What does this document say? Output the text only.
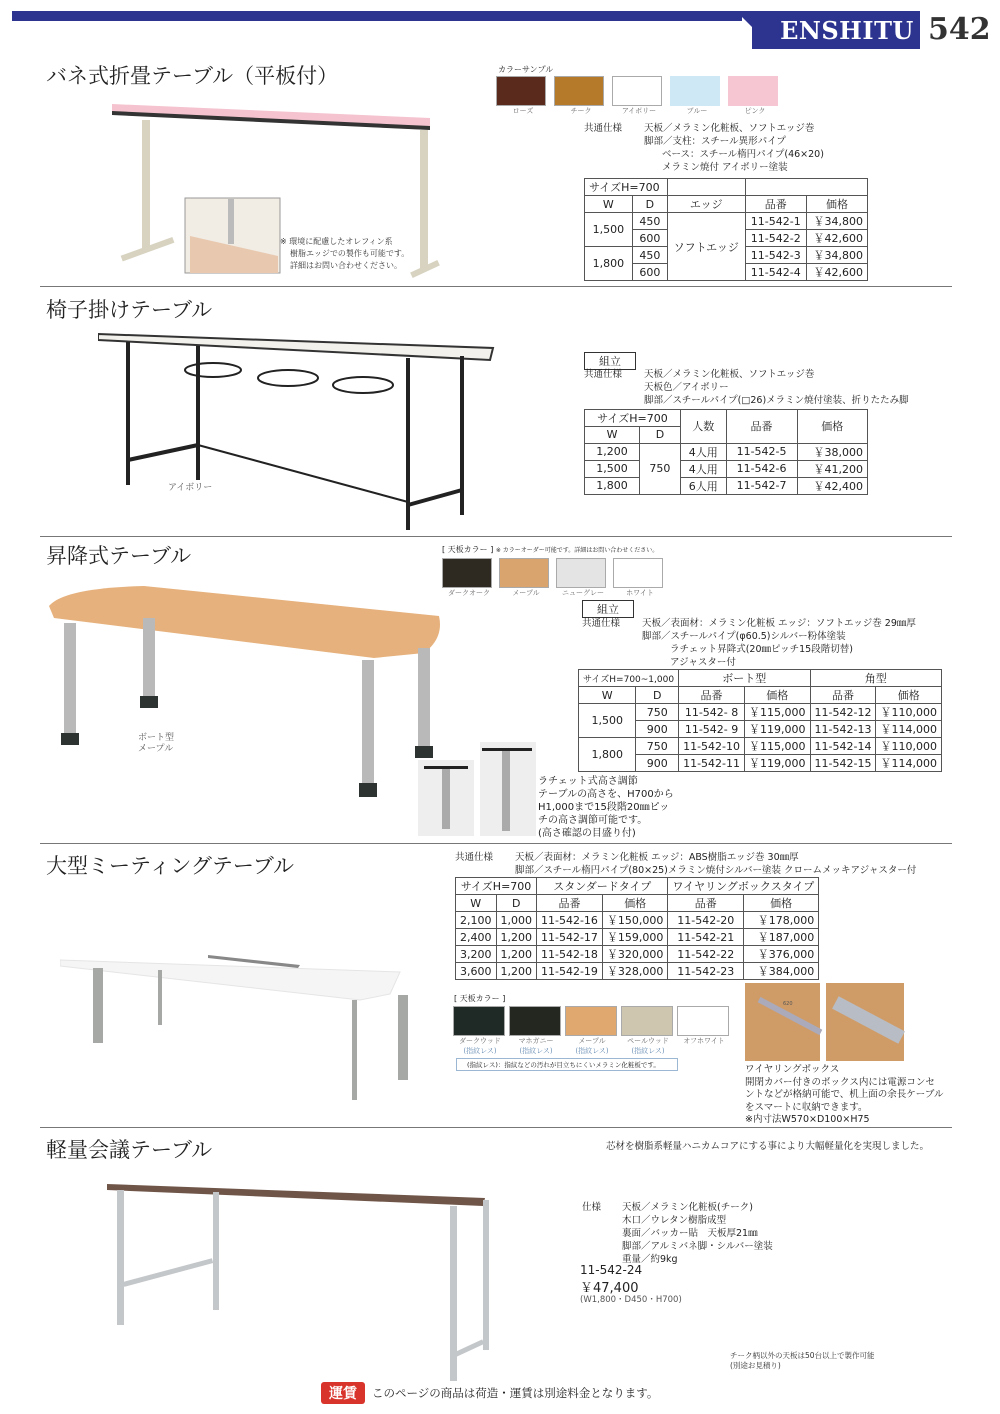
ENSHITU 542
バネ式折畳テーブル（平板付）
※ 環境に配慮したオレフィン系
樹脂エッジでの製作も可能です。
詳細はお問い合わせください。
カラーサンプル
ローズ	チーク	アイボリー	ブルー	ピンク
共通仕様 天板／メラミン化粧板、ソフトエッジ巻
脚部／支柱：スチール異形パイプ
ベース：スチール楕円パイプ(46×20)
メラミン焼付 アイボリー塗装
サイズH=700				
W	D	エッジ	品番	価格
1,500	450	ソフトエッジ	11-542-1	￥34,800
	600		11-542-2	￥42,600
1,800	450		11-542-3	￥34,800
	600		11-542-4	￥42,600
椅子掛けテーブル
アイボリー
組立
共通仕様 天板／メラミン化粧板、ソフトエッジ巻
天板色／アイボリー
脚部／スチールパイプ(□26)メラミン焼付塗装、折りたたみ脚
サイズH=700		人数	品番	価格
W	D			
1,200	750	4人用	11-542-5	￥38,000
1,500		4人用	11-542-6	￥41,200
1,800		6人用	11-542-7	￥42,400
昇降式テーブル
ボート型
メープル
ラチェット式高さ調節
テーブルの高さを、H700から
H1,000まで15段階20㎜ピッ
チの高さ調節可能です。
(高さ確認の目盛り付)
[ 天板カラー ] ※ カラーオーダー可能です。詳細はお問い合わせください。
ダークオーク	メープル	ニューグレー	ホワイト
組立
共通仕様 天板／表面材：メラミン化粧板 エッジ：ソフトエッジ巻 29㎜厚
脚部／スチールパイプ(φ60.5)シルバー粉体塗装
ラチェット昇降式(20㎜ピッチ15段階切替)
アジャスター付
サイズH=700~1,000		ボート型		角型	
W	D	品番	価格	品番	価格
1,500	750	11-542- 8	￥115,000	11-542-12	￥110,000
	900	11-542- 9	￥119,000	11-542-13	￥114,000
1,800	750	11-542-10	￥115,000	11-542-14	￥110,000
	900	11-542-11	￥119,000	11-542-15	￥114,000
大型ミーティングテーブル	共通仕様 天板／表面材：メラミン化粧板 エッジ：ABS樹脂エッジ巻 30㎜厚
脚部／スチール楕円パイプ(80×25)メラミン焼付シルバー塗装 クロームメッキアジャスター付
サイズH=700		スタンダードタイプ		ワイヤリングボックスタイプ	
W	D	品番	価格	品番	価格
2,100	1,000	11-542-16	￥150,000	11-542-20	￥178,000
2,400	1,200	11-542-17	￥159,000	11-542-21	￥187,000
3,200	1,200	11-542-18	￥320,000	11-542-22	￥376,000
3,600	1,200	11-542-19	￥328,000	11-542-23	￥384,000
[ 天板カラー ]
ダークウッド
(指紋レス)
マホガニー
(指紋レス)
メープル
(指紋レス)
ペールウッド
(指紋レス)
オフホワイト
(指紋レス)：指紋などの汚れが目立ちにくいメラミン化粧板です。
620
ワイヤリングボックス
開閉カバー付きのボックス内には電源コンセ
ントなどが格納可能で、机上面の余長ケーブル
をスマートに収納できます。
※内寸法W570×D100×H75
軽量会議テーブル	芯材を樹脂系軽量ハニカムコアにする事により大幅軽量化を実現しました。
仕様 天板／メラミン化粧板(チーク)
木口／ウレタン樹脂成型
裏面／バッカー貼　天板厚21㎜
脚部／アルミバネ脚・シルバー塗装
重量／約9kg
11-542-24
￥47,400
(W1,800・D450・H700)
チーク柄以外の天板は50台以上で製作可能
(別途お見積り)
運賃	このページの商品は荷造・運賃は別途料金となります。
